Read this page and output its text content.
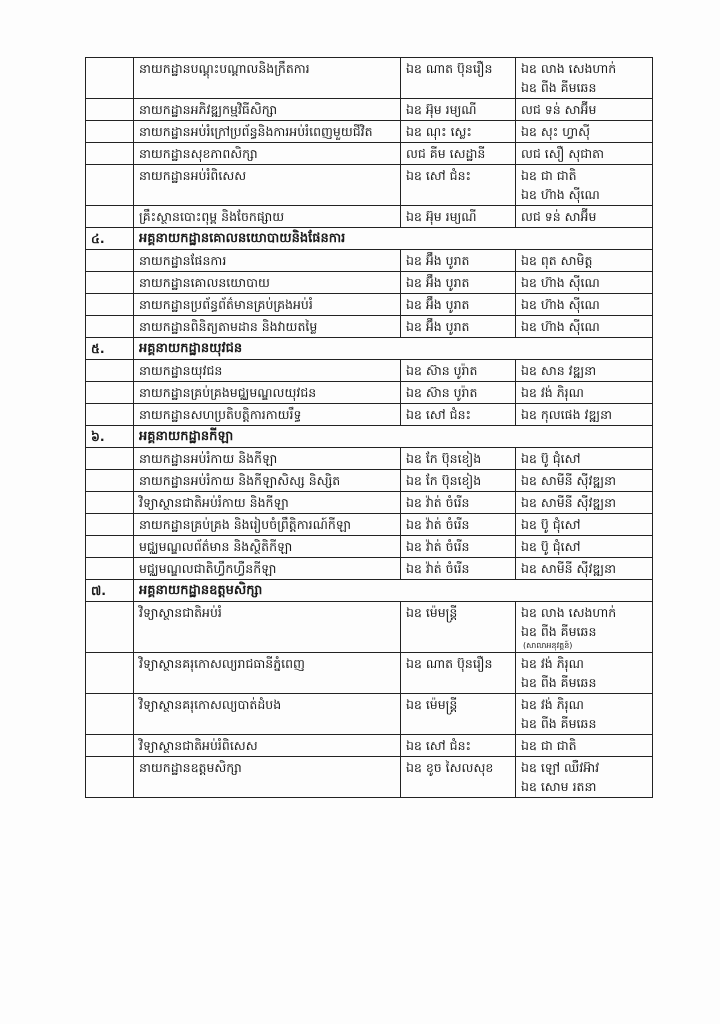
	នាយកដ្ឋានបណ្តុះបណ្តាលនិងក្រឹតការ	ឯឧ ណាត ប៊ុនរឿន	ឯឧ លាង សេងហាក់
ឯឧ ពីង គីមឆេន

	នាយកដ្ឋានអភិវឌ្ឍកម្មវិធីសិក្សា	ឯឧ អ៊ុម រម្យណី	លជ ទន់ សាអ៊ីម

	នាយកដ្ឋានអប់រំក្រៅប្រព័ន្ធនិងការអប់រំពេញមួយជីវិត	ឯឧ ណុះ ស្លេះ	ឯឧ សុះ ហ្វាស៊ី

	នាយកដ្ឋានសុខភាពសិក្សា	លជ គីម សេដ្ឋានី	លជ សឿ សុជាតា

	នាយកដ្ឋានអប់រំពិសេស	ឯឧ សៅ ជំនះ	ឯឧ ជា ជាតិ
ឯឧ ហ៊ាង ស៊ីណេ

	គ្រឹះស្ថានបោះពុម្ព និងចែកផ្សាយ	ឯឧ អ៊ុម រម្យណី	លជ ទន់ សាអ៊ីម

៤.	អគ្គនាយកដ្ឋានគោលនយោបាយនិងផែនការ		
	នាយកដ្ឋានផែនការ	ឯឧ អ៊ឹង បូរាត	ឯឧ ពុត សាមិត្ត

	នាយកដ្ឋានគោលនយោបាយ	ឯឧ អ៊ឹង បូរាត	ឯឧ ហ៊ាង ស៊ីណេ

	នាយកដ្ឋានប្រព័ន្ធព័ត៌មានគ្រប់គ្រងអប់រំ	ឯឧ អ៊ឹង បូរាត	ឯឧ ហ៊ាង ស៊ីណេ

	នាយកដ្ឋានពិនិត្យតាមដាន និងវាយតម្លៃ	ឯឧ អ៊ឹង បូរាត	ឯឧ ហ៊ាង ស៊ីណេ

៥.	អគ្គនាយកដ្ឋានយុវជន		
	នាយកដ្ឋានយុវជន	ឯឧ ស៊ាន បូរ៉ាត	ឯឧ សាន វឌ្ឍនា

	នាយកដ្ឋានគ្រប់គ្រងមជ្ឈមណ្ឌលយុវជន	ឯឧ ស៊ាន បូរ៉ាត	ឯឧ វង់ ភិរុណ

	នាយកដ្ឋានសហប្រតិបត្តិការកាយរឹទ្ធ	ឯឧ សៅ ជំនះ	ឯឧ កុលផេង វឌ្ឍនា

៦.	អគ្គនាយកដ្ឋានកីឡា		
	នាយកដ្ឋានអប់រំកាយ និងកីឡា	ឯឧ កែ ប៊ុនខៀង	ឯឧ ប៊ូ ជុំសៅ

	នាយកដ្ឋានអប់រំកាយ និងកីឡាសិស្ស និស្សិត	ឯឧ កែ ប៊ុនខៀង	ឯឧ សាមីនី ស៊ីវឌ្ឍនា

	វិទ្យាស្ថានជាតិអប់រំកាយ និងកីឡា	ឯឧ វ៉ាត់ ចំរើន	ឯឧ សាមីនី ស៊ីវឌ្ឍនា

	នាយកដ្ឋានគ្រប់គ្រង និងរៀបចំព្រឹត្តិការណ៍កីឡា	ឯឧ វ៉ាត់ ចំរើន	ឯឧ ប៊ូ ជុំសៅ

	មជ្ឈមណ្ឌលព័ត៌មាន និងស្ថិតិកីឡា	ឯឧ វ៉ាត់ ចំរើន	ឯឧ ប៊ូ ជុំសៅ

	មជ្ឈមណ្ឌលជាតិហ្វឹកហ្វឺនកីឡា	ឯឧ វ៉ាត់ ចំរើន	ឯឧ សាមីនី ស៊ីវឌ្ឍនា

៧.	អគ្គនាយកដ្ឋានឧត្តមសិក្សា		
	វិទ្យាស្ថានជាតិអប់រំ	ឯឧ ម៉េមន្ត្រី	ឯឧ លាង សេងហាក់
ឯឧ ពីង គីមឆេន
(សាលាអនុវត្តន៍)

	វិទ្យាស្ថានគរុកោសល្យរាជធានីភ្នំពេញ	ឯឧ ណាត ប៊ុនរឿន	ឯឧ វង់ ភិរុណ
ឯឧ ពីង គីមឆេន

	វិទ្យាស្ថានគរុកោសល្យបាត់ដំបង	ឯឧ ម៉េមន្ត្រី	ឯឧ វង់ ភិរុណ
ឯឧ ពីង គីមឆេន

	វិទ្យាស្ថានជាតិអប់រំពិសេស	ឯឧ សៅ ជំនះ	ឯឧ ជា ជាតិ

	នាយកដ្ឋានឧត្តមសិក្សា	ឯឧ ខូច សៃលសុខ	ឯឧ ឡៅ ឈឺវអ៊ាវ
ឯឧ សោម រតនា
